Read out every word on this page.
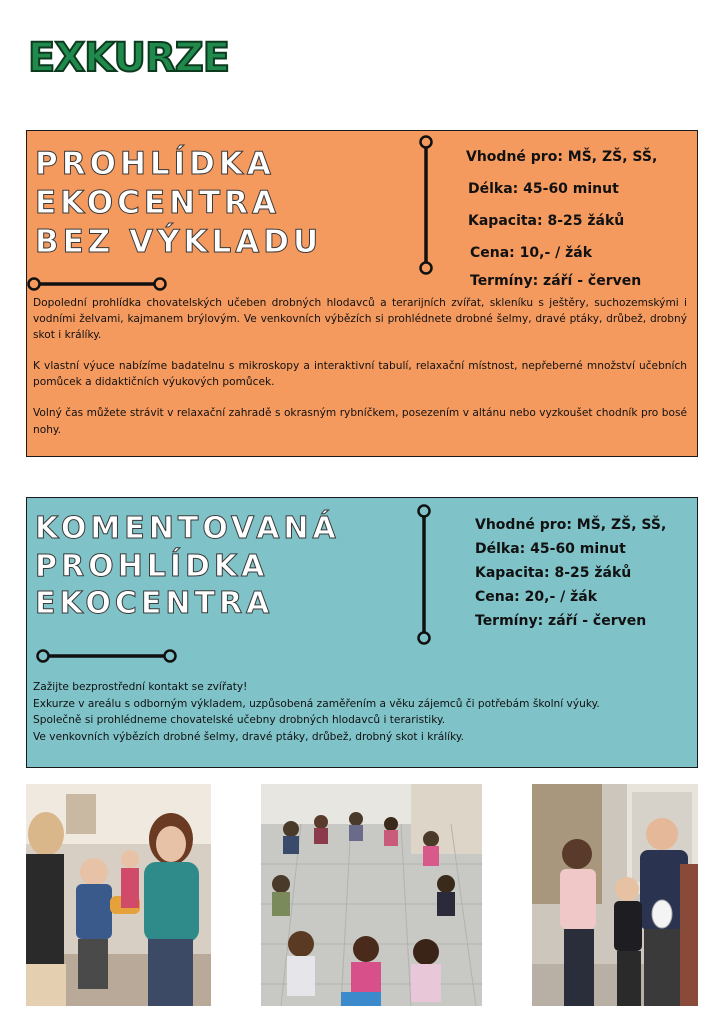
EXKURZE
PROHLÍDKA
EKOCENTRA
BEZ VÝKLADU
Vhodné pro: MŠ, ZŠ, SŠ,
Délka: 45-60 minut
Kapacita: 8-25 žáků
Cena: 10,- / žák
Termíny: září - červen

Dopolední prohlídka chovatelských učeben drobných hlodavců a terarijních zvířat, skleníku s ještěry, suchozemskými i vodními želvami, kajmanem brýlovým. Ve venkovních výbězích si prohlédnete drobné šelmy, dravé ptáky, drůbež, drobný skot i králíky.

K vlastní výuce nabízíme badatelnu s mikroskopy a interaktivní tabulí, relaxační místnost, nepřeberné množství učebních pomůcek a didaktičních výukových pomůcek.

Volný čas můžete strávit v relaxační zahradě s okrasným rybníčkem, posezením v altánu nebo vyzkoušet chodník pro bosé nohy.

KOMENTOVANÁ
PROHLÍDKA
EKOCENTRA
Vhodné pro: MŠ, ZŠ, SŠ,
Délka: 45-60 minut
Kapacita: 8-25 žáků
Cena: 20,- / žák
Termíny: září - červen
Zažijte bezprostřední kontakt se zvířaty!
Exkurze v areálu s odborným výkladem, uzpůsobená zaměřením a věku zájemců či potřebám školní výuky.
Společně si prohlédneme chovatelské učebny drobných hlodavců i teraristiky.
Ve venkovních výbězích drobné šelmy, dravé ptáky, drůbež, drobný skot i králíky.
